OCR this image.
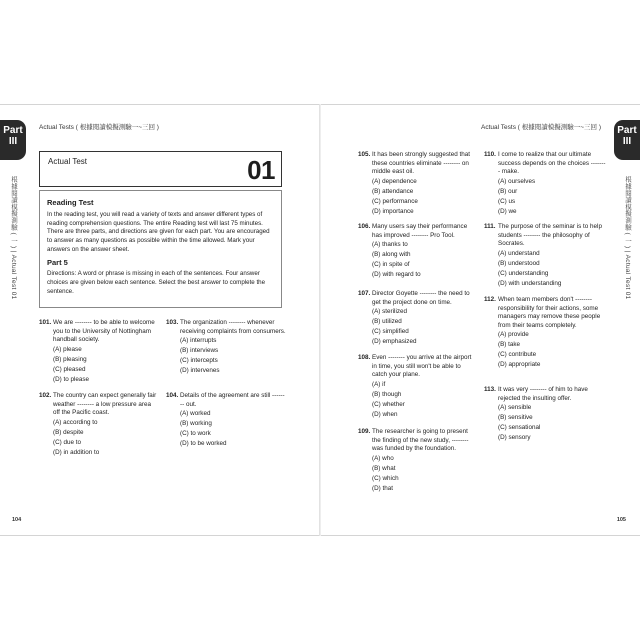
Part
III
根據閱讀模擬測驗 ( 一 ) | Actual Test 01
Actual Tests ( 根據閱讀模擬測驗一~三回 )
Actual Test	01
Reading Test
In the reading test, you will read a variety of texts and answer different types of reading comprehension questions. The entire Reading test will last 75 minutes. There are three parts, and directions are given for each part. You are encouraged to answer as many questions as possible within the time allowed. Mark your answers on the answer sheet.
Part 5
Directions: A word or phrase is missing in each of the sentences. Four answer choices are given below each sentence. Select the best answer to complete the sentence.
101. We are -------- to be able to welcome you to the University of Nottingham handball society.
(A) please
(B) pleasing
(C) pleased
(D) to please
102. The country can expect generally fair weather -------- a low pressure area off the Pacific coast.
(A) according to
(B) despite
(C) due to
(D) in addition to
103. The organization -------- whenever receiving complaints from consumers.
(A) interrupts
(B) interviews
(C) intercepts
(D) intervenes
104. Details of the agreement are still -------- out.
(A) worked
(B) working
(C) to work
(D) to be worked
104
Part
III
根據閱讀模擬測驗 ( 一 ) | Actual Test 01
Actual Tests ( 根據閱讀模擬測驗一~三回 )
105. It has been strongly suggested that these countries eliminate -------- on middle east oil.
(A) dependence
(B) attendance
(C) performance
(D) importance
106. Many users say their performance has improved -------- Pro Tool.
(A) thanks to
(B) along with
(C) in spite of
(D) with regard to
107. Director Goyette -------- the need to get the project done on time.
(A) sterilized
(B) utilized
(C) simplified
(D) emphasized
108. Even -------- you arrive at the airport in time, you still won't be able to catch your plane.
(A) if
(B) though
(C) whether
(D) when
109. The researcher is going to present the finding of the new study, -------- was funded by the foundation.
(A) who
(B) what
(C) which
(D) that
110. I come to realize that our ultimate success depends on the choices -------- make.
(A) ourselves
(B) our
(C) us
(D) we
111. The purpose of the seminar is to help students -------- the philosophy of Socrates.
(A) understand
(B) understood
(C) understanding
(D) with understanding
112. When team members don't -------- responsibility for their actions, some managers may remove these people from their teams completely.
(A) provide
(B) take
(C) contribute
(D) appropriate
113. It was very -------- of him to have rejected the insulting offer.
(A) sensible
(B) sensitive
(C) sensational
(D) sensory
105
